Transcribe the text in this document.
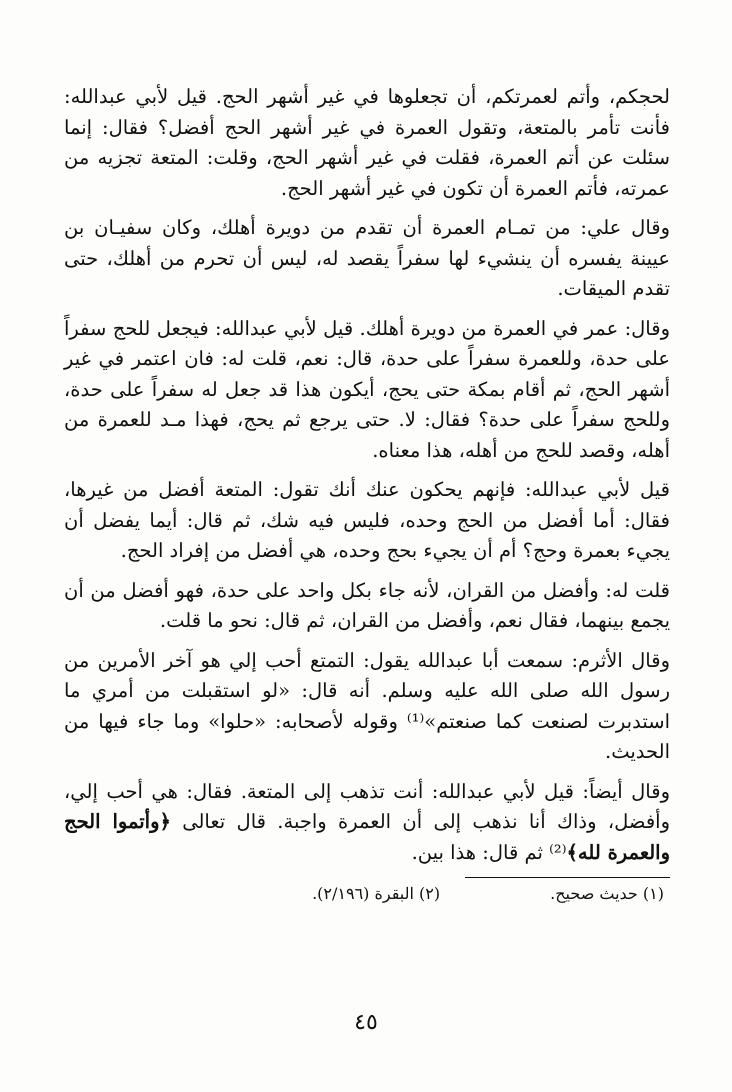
لحجكم، وأتم لعمرتكم، أن تجعلوها في غير أشهر الحج. قيل لأبي عبدالله: فأنت تأمر بالمتعة، وتقول العمرة في غير أشهر الحج أفضل؟ فقال: إنما سئلت عن أتم العمرة، فقلت في غير أشهر الحج، وقلت: المتعة تجزيه من عمرته، فأتم العمرة أن تكون في غير أشهر الحج.

وقال علي: من تمـام العمرة أن تقدم من دويرة أهلك، وكان سفيـان بن عيينة يفسره أن ينشيء لها سفراً يقصد له، ليس أن تحرم من أهلك، حتى تقدم الميقات.

وقال: عمر في العمرة من دويرة أهلك. قيل لأبي عبدالله: فيجعل للحج سفراً على حدة، وللعمرة سفراً على حدة، قال: نعم، قلت له: فان اعتمر في غير أشهر الحج، ثم أقام بمكة حتى يحج، أيكون هذا قد جعل له سفراً على حدة، وللحج سفراً على حدة؟ فقال: لا. حتى يرجع ثم يحج، فهذا مـد للعمرة من أهله، وقصد للحج من أهله، هذا معناه.

قيل لأبي عبدالله: فإنهم يحكون عنك أنك تقول: المتعة أفضل من غيرها، فقال: أما أفضل من الحج وحده، فليس فيه شك، ثم قال: أيما يفضل أن يجيء بعمرة وحج؟ أم أن يجيء بحج وحده، هي أفضل من إفراد الحج.

قلت له: وأفضل من القران، لأنه جاء بكل واحد على حدة، فهو أفضل من أن يجمع بينهما، فقال نعم، وأفضل من القران، ثم قال: نحو ما قلت.

وقال الأثرم: سمعت أبا عبدالله يقول: التمتع أحب إلي هو آخر الأمرين من رسول الله صلى الله عليه وسلم. أنه قال: «لو استقبلت من أمري ما استدبرت لصنعت كما صنعتم»⁽¹⁾ وقوله لأصحابه: «حلوا» وما جاء فيها من الحديث.

وقال أيضاً: قيل لأبي عبدالله: أنت تذهب إلى المتعة. فقال: هي أحب إلي، وأفضل، وذاك أنا نذهب إلى أن العمرة واجبة. قال تعالى ﴿وأتموا الحج والعمرة لله﴾⁽²⁾ ثم قال: هذا بين.

(١) حديث صحيح.
(٢) البقرة (٢/١٩٦).
٤٥
